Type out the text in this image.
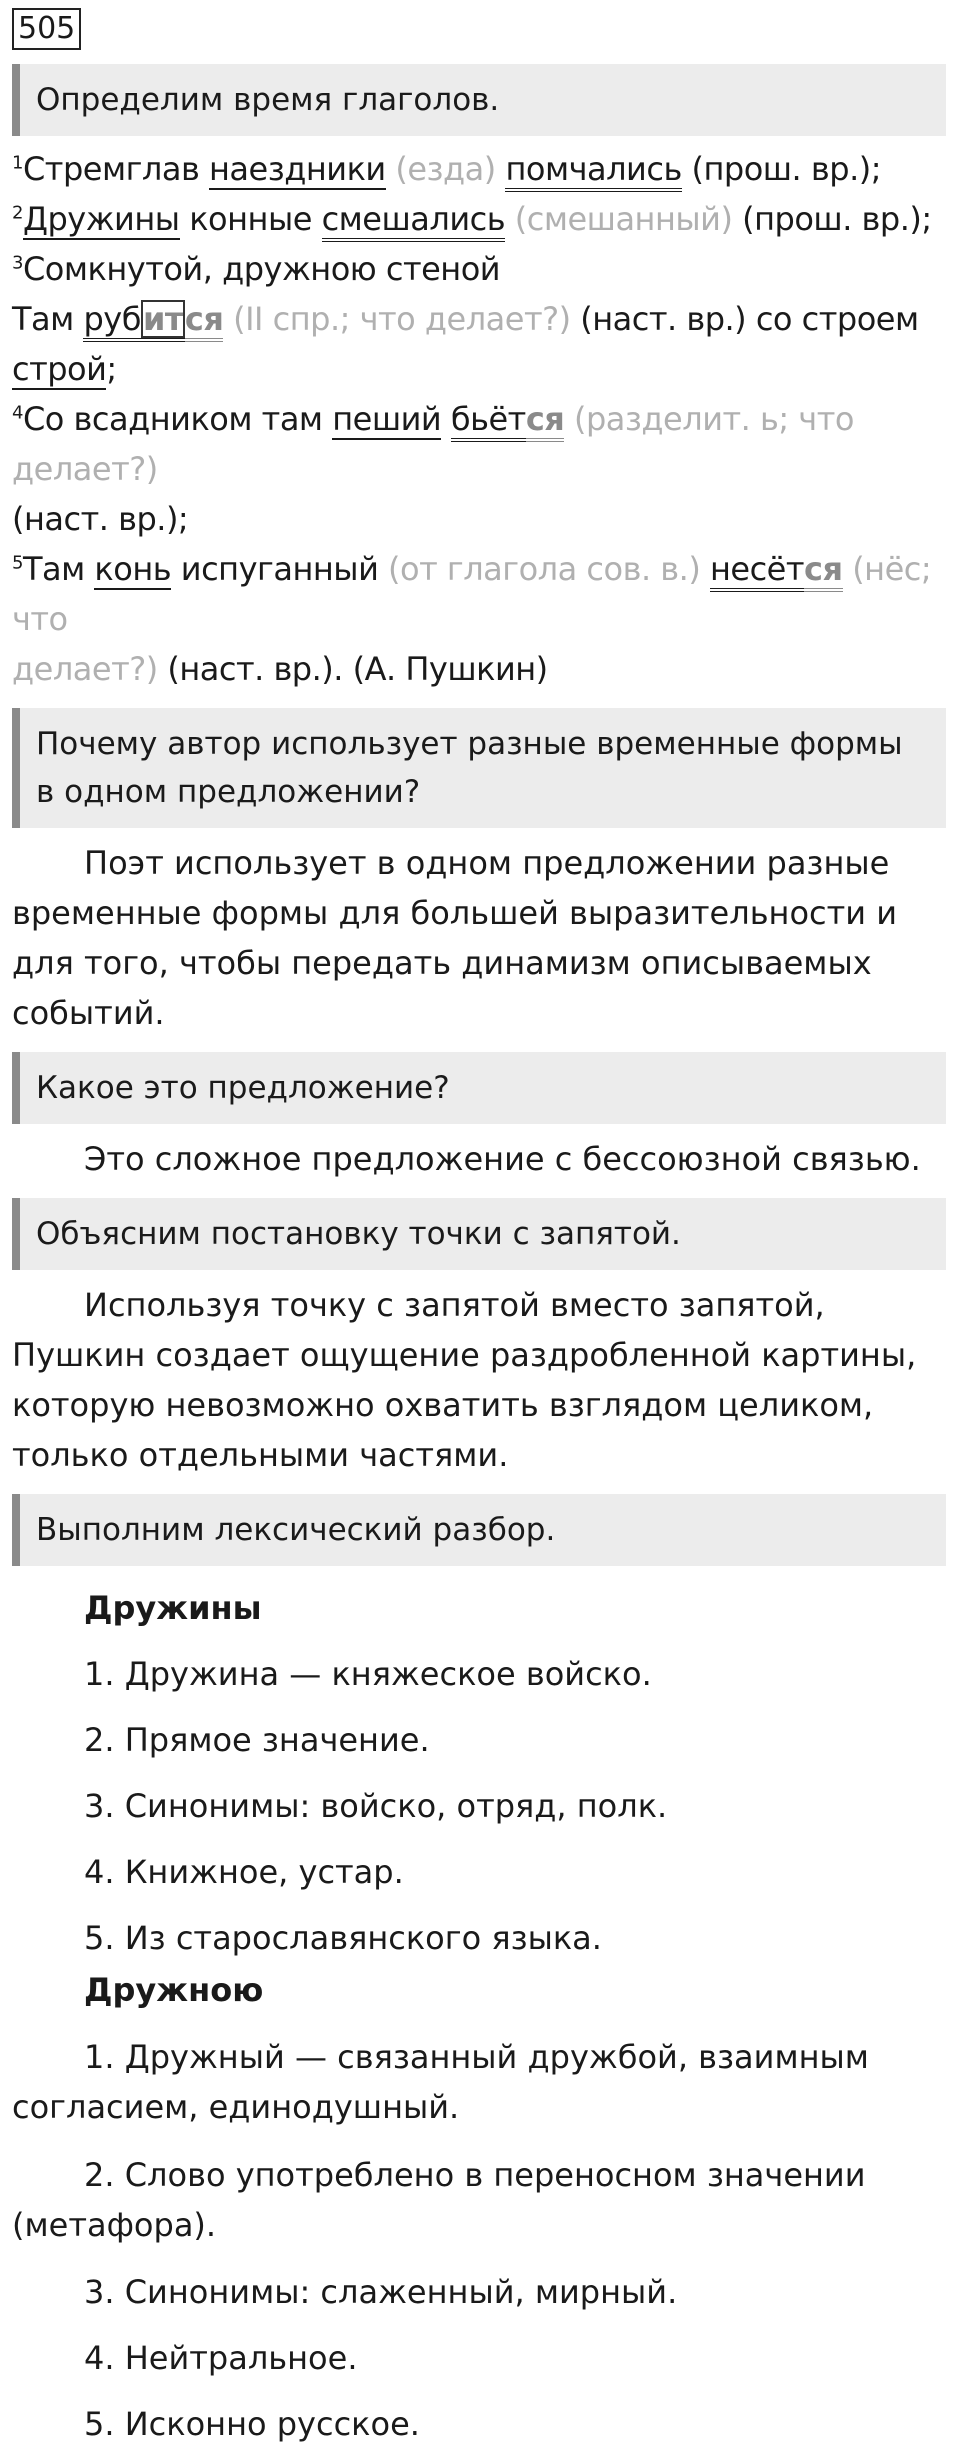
505
Определим время глаголов.
$^1$Стремглав наездники (езда) помчались (прош. вр.);
$^2$Дружины конные смешались (смешанный) (прош. вр.);
$^3$Сомкнутой, дружною стеной
Там рубится (II спр.; что делает?) (наст. вр.) со строем
строй;
$^4$Со всадником там пеший бьётся (разделит. ь; что делает?)
(наст. вр.);
$^5$Там конь испуганный (от глагола сов. в.) несётся (нёс; что
делает?) (наст. вр.). (А. Пушкин)
Почему автор использует разные временные формы в одном предложении?
Поэт использует в одном предложении разные временные формы для большей выразительности и для того, чтобы передать динамизм описываемых событий.
Какое это предложение?
Это сложное предложение с бессоюзной связью.
Объясним постановку точки с запятой.
Используя точку с запятой вместо запятой, Пушкин создает ощущение раздробленной картины, которую невозможно охватить взглядом целиком, только отдельными частями.
Выполним лексический разбор.
Дружины
1. Дружина — княжеское войско.
2. Прямое значение.
3. Синонимы: войско, отряд, полк.
4. Книжное, устар.
5. Из старославянского языка.
Дружною
1. Дружный — связанный дружбой, взаимным согласием, единодушный.
2. Слово употреблено в переносном значении (метафора).
3. Синонимы: слаженный, мирный.
4. Нейтральное.
5. Исконно русское.
